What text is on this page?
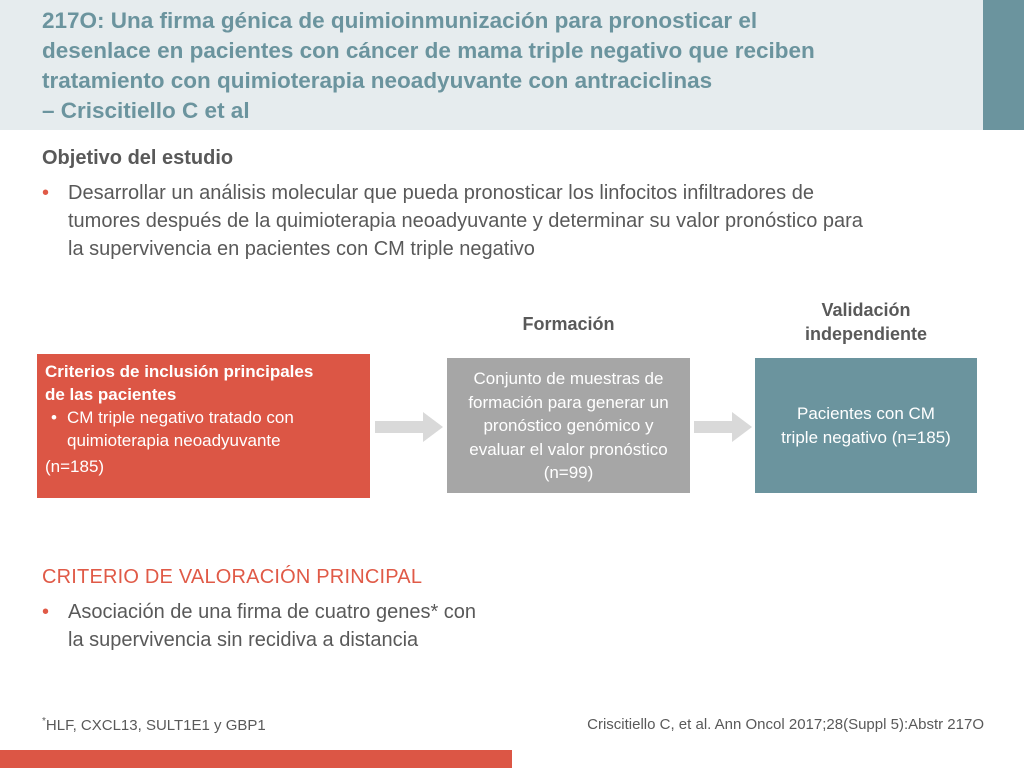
217O: Una firma génica de quimioinmunización para pronosticar el
desenlace en pacientes con cáncer de mama triple negativo que reciben
tratamiento con quimioterapia neoadyuvante con antraciclinas
– Criscitiello C et al
Objetivo del estudio
• Desarrollar un análisis molecular que pueda pronosticar los linfocitos infiltradores de
tumores después de la quimioterapia neoadyuvante y determinar su valor pronóstico para
la supervivencia en pacientes con CM triple negativo
Formación
Validación
independiente
Criterios de inclusión principales
de las pacientes
• CM triple negativo tratado con
quimioterapia neoadyuvante
(n=185)
Conjunto de muestras de
formación para generar un
pronóstico genómico y
evaluar el valor pronóstico
(n=99)
Pacientes con CM
triple negativo (n=185)
CRITERIO DE VALORACIÓN PRINCIPAL
• Asociación de una firma de cuatro genes* con
la supervivencia sin recidiva a distancia
*HLF, CXCL13, SULT1E1 y GBP1	Criscitiello C, et al. Ann Oncol 2017;28(Suppl 5):Abstr 217O
